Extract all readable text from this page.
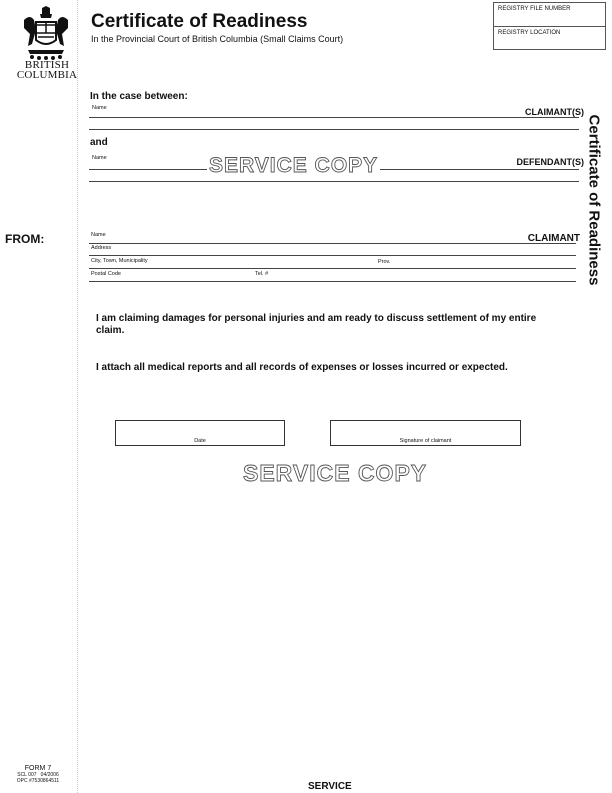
BRITISH
COLUMBIA
Certificate of Readiness
In the Provincial Court of British Columbia (Small Claims Court)
REGISTRY FILE NUMBER
REGISTRY LOCATION
In the case between:
Name	CLAIMANT(S)
and
Name	SERVICE COPY	DEFENDANT(S)
FROM:	Name	CLAIMANT
Address
City, Town, Municipality	Prov.
Postal Code	Tel. #
I am claiming damages for personal injuries and am ready to discuss settlement of my entire claim.
I attach all medical reports and all records of expenses or losses incurred or expected.
Date	Signature of claimant
SERVICE COPY
Certificate of Readiness
FORM 7
SCL 007   04/2006
OPC #7530864511	SERVICE
